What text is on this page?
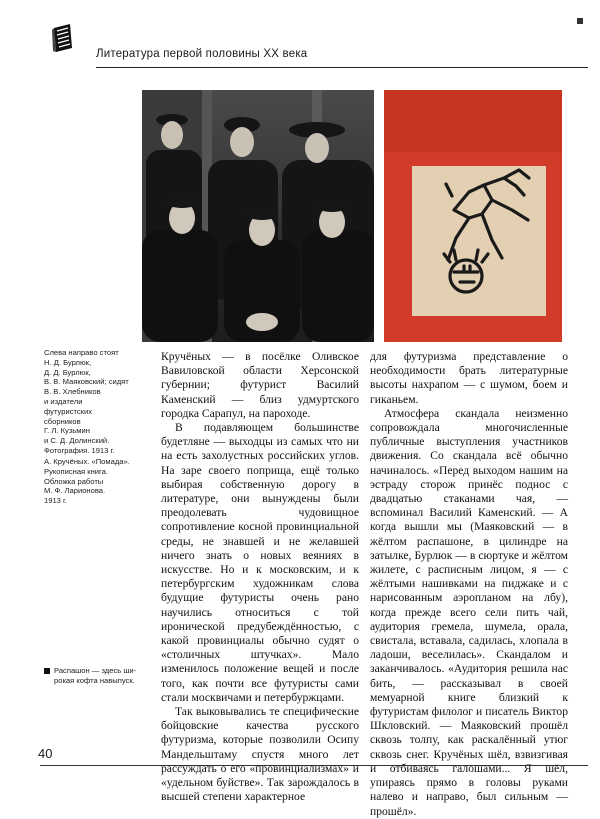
Литература первой половины XX века

Слева направо стоят
Н. Д. Бурлюк,
Д. Д. Бурлюк,
В. В. Маяковский; сидят
В. В. Хлебников
и издатели
футуристских
сборников
Г. Л. Кузьмин
и С. Д. Долинский.
Фотография. 1913 г.

А. Кручёных. «Помада».
Рукописная книга.
Обложка работы
М. Ф. Ларионова.
1913 г.

Распашон — здесь ши-
рокая кофта навыпуск.

Кручёных — в посёлке Оливское Вавиловской области Херсонской губернии; футурист Василий Каменский — близ удмуртского городка Сарапул, на пароходе.

В подавляющем большинстве будетляне — выходцы из самых что ни на есть захолустных российских углов. На заре своего поприща, ещё только выбирая собственную дорогу в литературе, они вынуждены были преодолевать чудовищное сопротивление косной провинциальной среды, не знавшей и не желавшей ничего знать о новых веяниях в искусстве. Но и к московским, и к петербургским художникам слова будущие футуристы очень рано научились относиться с той иронической предубеждённостью, с какой провинциалы обычно судят о «столичных штучках». Мало изменилось положение вещей и после того, как почти все футуристы сами стали москвичами и петербуржцами.

Так выковывались те специфические бойцовские качества русского футуризма, которые позволили Осипу Мандельштаму спустя много лет рассуждать о его «провинциализмах» и «удельном буйстве». Так зарождалось в высшей степени характерное

для футуризма представление о необходимости брать литературные высоты нахрапом — с шумом, боем и гиканьем.

Атмосфера скандала неизменно сопровождала многочисленные публичные выступления участников движения. Со скандала всё обычно начиналось. «Перед выходом нашим на эстраду сторож принёс поднос с двадцатью стаканами чая, — вспоминал Василий Каменский. — А когда вышли мы (Маяковский — в жёлтом распашоне, в цилиндре на затылке, Бурлюк — в сюртуке и жёлтом жилете, с расписным лицом, я — с жёлтыми нашивками на пиджаке и с нарисованным аэропланом на лбу), когда прежде всего сели пить чай, аудитория гремела, шумела, орала, свистала, вставала, садилась, хлопала в ладоши, веселилась». Скандалом и заканчивалось. «Аудитория решила нас бить, — рассказывал в своей мемуарной книге близкий к футуристам филолог и писатель Виктор Шкловский. — Маяковский прошёл сквозь толпу, как раскалённый утюг сквозь снег. Кручёных шёл, взвизгивая и отбиваясь галошами... Я шёл, упираясь прямо в головы руками налево и направо, был сильным — прошёл».

40
